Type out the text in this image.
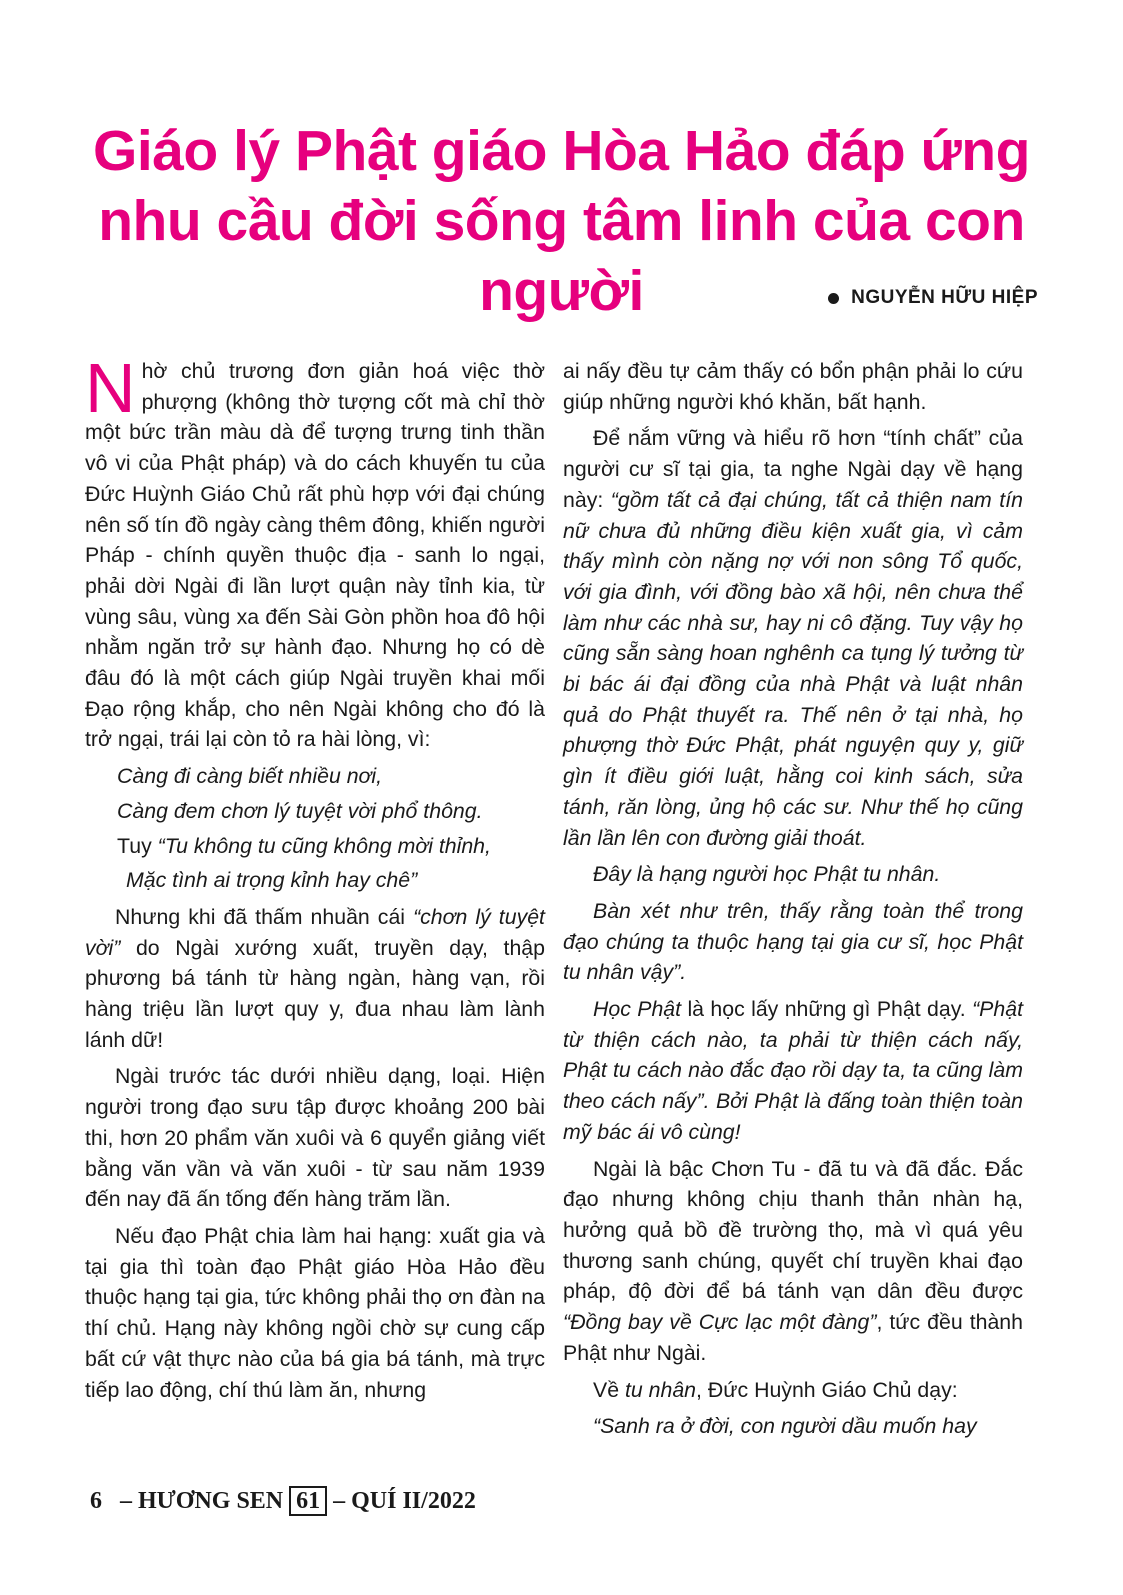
Giáo lý Phật giáo Hòa Hảo đáp ứng
nhu cầu đời sống tâm linh của con người	NGUYỄN HỮU HIỆP

Nhờ chủ trương đơn giản hoá việc thờ phượng (không thờ tượng cốt mà chỉ thờ một bức trần màu dà để tượng trưng tinh thần vô vi của Phật pháp) và do cách khuyến tu của Đức Huỳnh Giáo Chủ rất phù hợp với đại chúng nên số tín đồ ngày càng thêm đông, khiến người Pháp - chính quyền thuộc địa - sanh lo ngại, phải dời Ngài đi lần lượt quận này tỉnh kia, từ vùng sâu, vùng xa đến Sài Gòn phồn hoa đô hội nhằm ngăn trở sự hành đạo. Nhưng họ có dè đâu đó là một cách giúp Ngài truyền khai mối Đạo rộng khắp, cho nên Ngài không cho đó là trở ngại, trái lại còn tỏ ra hài lòng, vì:

Càng đi càng biết nhiều nơi,

Càng đem chơn lý tuyệt vời phổ thông.

Tuy “Tu không tu cũng không mời thỉnh,

Mặc tình ai trọng kỉnh hay chê”

Nhưng khi đã thấm nhuần cái “chơn lý tuyệt vời” do Ngài xướng xuất, truyền dạy, thập phương bá tánh từ hàng ngàn, hàng vạn, rồi hàng triệu lần lượt quy y, đua nhau làm lành lánh dữ!

Ngài trước tác dưới nhiều dạng, loại. Hiện người trong đạo sưu tập được khoảng 200 bài thi, hơn 20 phẩm văn xuôi và 6 quyển giảng viết bằng văn vần và văn xuôi - từ sau năm 1939 đến nay đã ấn tống đến hàng trăm lần.

Nếu đạo Phật chia làm hai hạng: xuất gia và tại gia thì toàn đạo Phật giáo Hòa Hảo đều thuộc hạng tại gia, tức không phải thọ ơn đàn na thí chủ. Hạng này không ngồi chờ sự cung cấp bất cứ vật thực nào của bá gia bá tánh, mà trực tiếp lao động, chí thú làm ăn, nhưng

ai nấy đều tự cảm thấy có bổn phận phải lo cứu giúp những người khó khăn, bất hạnh.

Để nắm vững và hiểu rõ hơn “tính chất” của người cư sĩ tại gia, ta nghe Ngài dạy về hạng này: “gồm tất cả đại chúng, tất cả thiện nam tín nữ chưa đủ những điều kiện xuất gia, vì cảm thấy mình còn nặng nợ với non sông Tổ quốc, với gia đình, với đồng bào xã hội, nên chưa thể làm như các nhà sư, hay ni cô đặng. Tuy vậy họ cũng sẵn sàng hoan nghênh ca tụng lý tưởng từ bi bác ái đại đồng của nhà Phật và luật nhân quả do Phật thuyết ra. Thế nên ở tại nhà, họ phượng thờ Đức Phật, phát nguyện quy y, giữ gìn ít điều giới luật, hằng coi kinh sách, sửa tánh, răn lòng, ủng hộ các sư. Như thế họ cũng lần lần lên con đường giải thoát.

Đây là hạng người học Phật tu nhân.

Bàn xét như trên, thấy rằng toàn thể trong đạo chúng ta thuộc hạng tại gia cư sĩ, học Phật tu nhân vậy”.

Học Phật là học lấy những gì Phật dạy. “Phật từ thiện cách nào, ta phải từ thiện cách nấy, Phật tu cách nào đắc đạo rồi dạy ta, ta cũng làm theo cách nấy”. Bởi Phật là đấng toàn thiện toàn mỹ bác ái vô cùng!

Ngài là bậc Chơn Tu - đã tu và đã đắc. Đắc đạo nhưng không chịu thanh thản nhàn hạ, hưởng quả bồ đề trường thọ, mà vì quá yêu thương sanh chúng, quyết chí truyền khai đạo pháp, độ đời để bá tánh vạn dân đều được “Đồng bay về Cực lạc một đàng”, tức đều thành Phật như Ngài.

Về tu nhân, Đức Huỳnh Giáo Chủ dạy:

“Sanh ra ở đời, con người dầu muốn hay

6 – HƯƠNG SEN 61 – QUÍ II/2022
